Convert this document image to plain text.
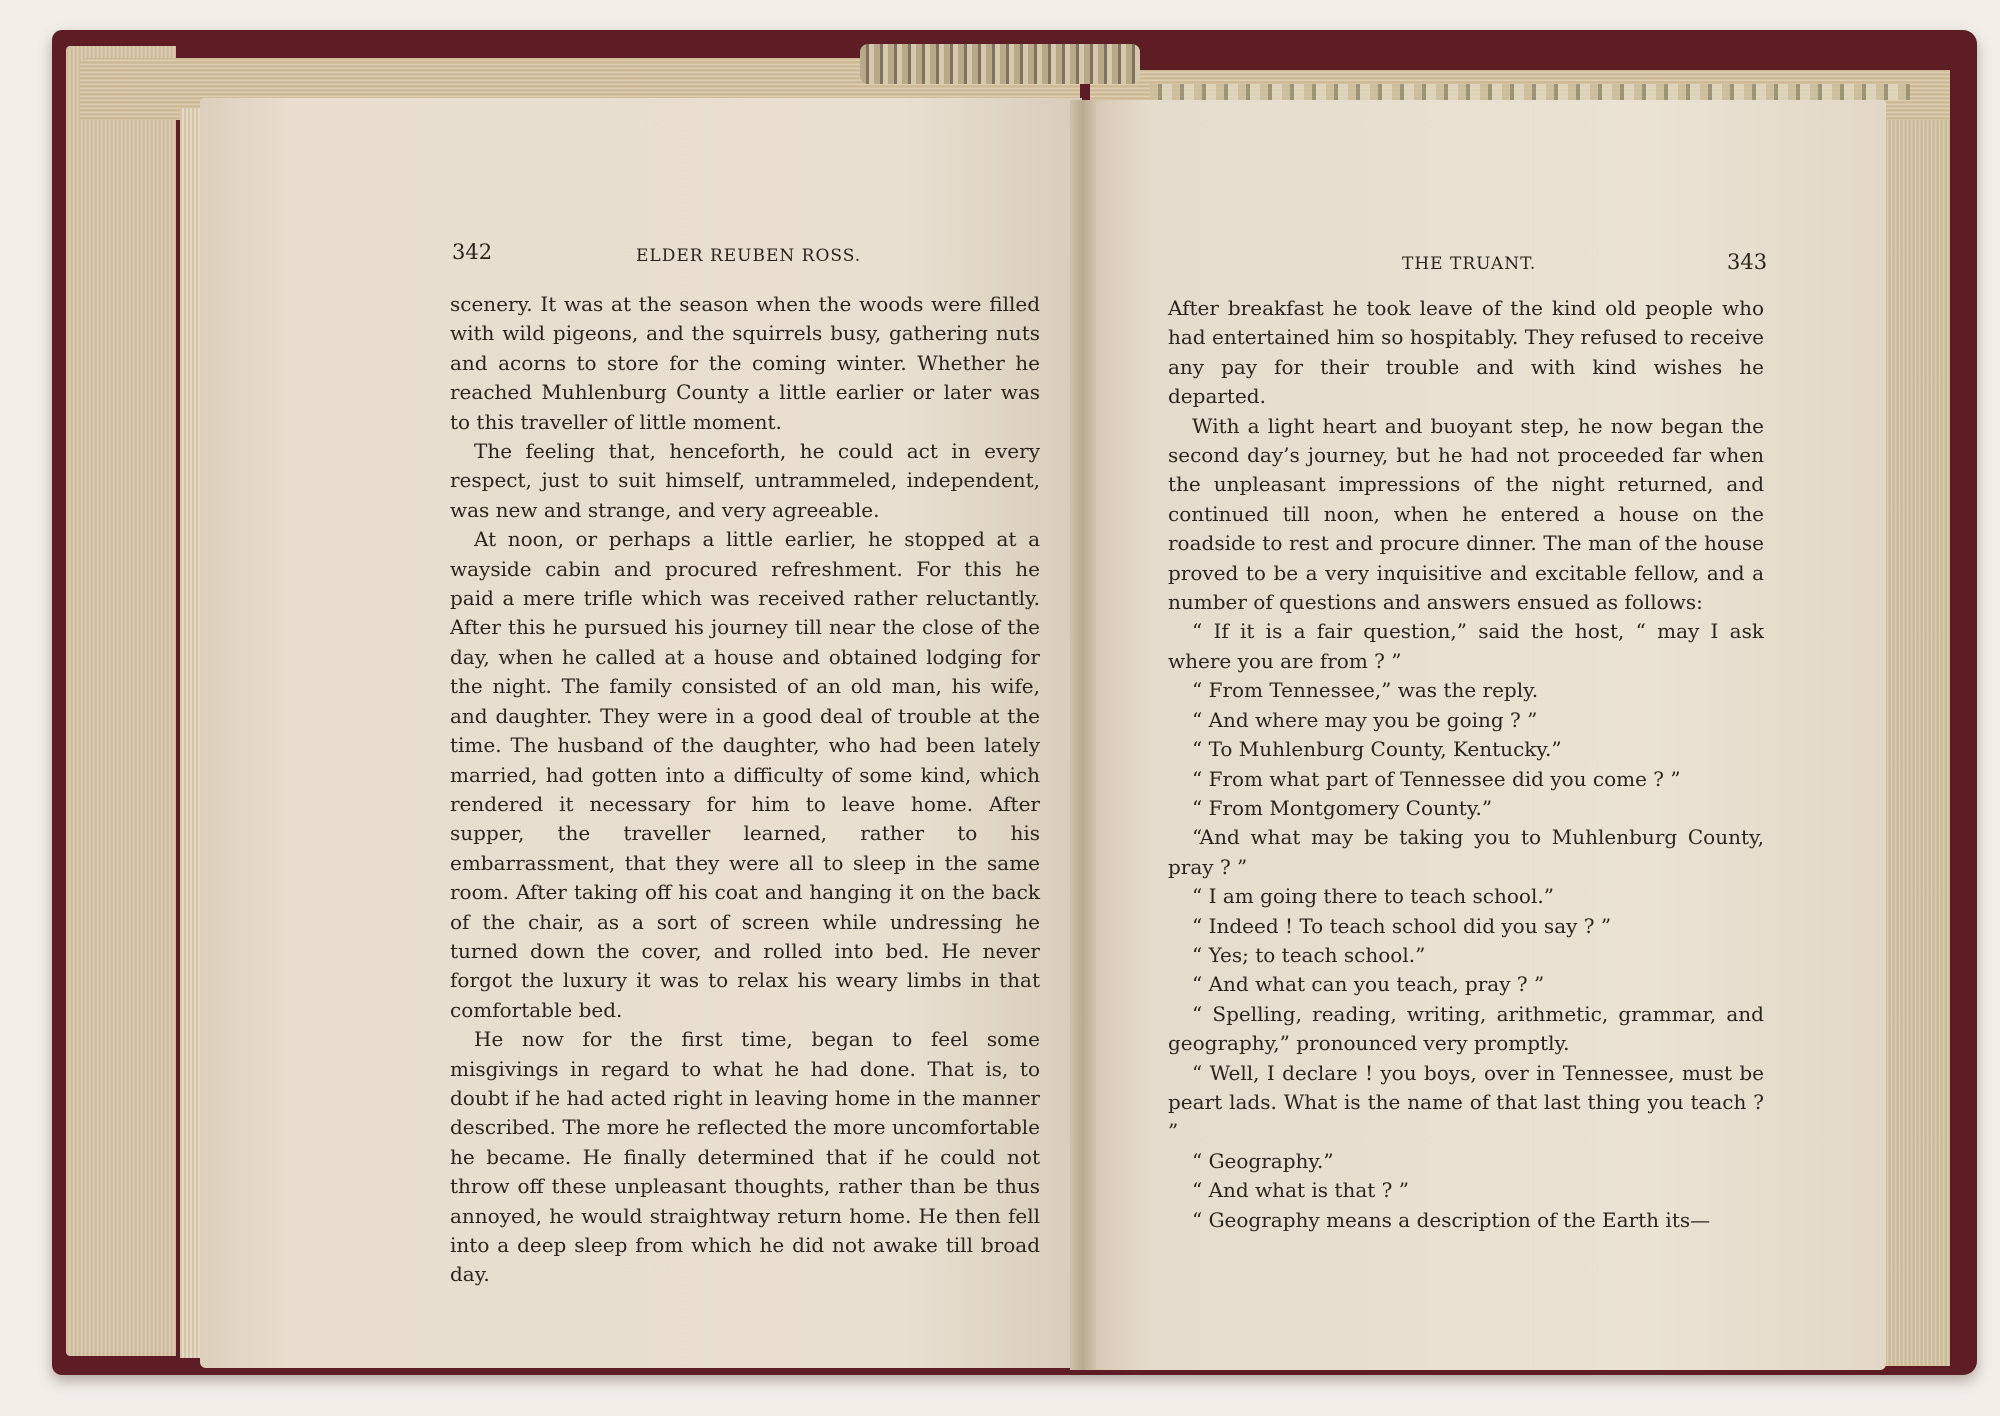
342	ELDER REUBEN ROSS.	THE TRUANT.	343

scenery. It was at the season when the woods were filled with wild pigeons, and the squirrels busy, gathering nuts and acorns to store for the coming winter. Whether he reached Muhlenburg County a little earlier or later was to this traveller of little moment.

The feeling that, henceforth, he could act in every respect, just to suit himself, untrammeled, independent, was new and strange, and very agreeable.

At noon, or perhaps a little earlier, he stopped at a wayside cabin and procured refreshment. For this he paid a mere trifle which was received rather reluctantly. After this he pursued his journey till near the close of the day, when he called at a house and obtained lodging for the night. The family consisted of an old man, his wife, and daughter. They were in a good deal of trouble at the time. The husband of the daughter, who had been lately married, had gotten into a difficulty of some kind, which rendered it necessary for him to leave home. After supper, the traveller learned, rather to his embarrassment, that they were all to sleep in the same room. After taking off his coat and hanging it on the back of the chair, as a sort of screen while undressing he turned down the cover, and rolled into bed. He never forgot the luxury it was to relax his weary limbs in that comfortable bed.

He now for the first time, began to feel some misgivings in regard to what he had done. That is, to doubt if he had acted right in leaving home in the manner described. The more he reflected the more uncomfortable he became. He finally determined that if he could not throw off these unpleasant thoughts, rather than be thus annoyed, he would straightway return home. He then fell into a deep sleep from which he did not awake till broad day.

After breakfast he took leave of the kind old people who had entertained him so hospitably. They refused to receive any pay for their trouble and with kind wishes he departed.

With a light heart and buoyant step, he now began the second day’s journey, but he had not proceeded far when the unpleasant impressions of the night returned, and continued till noon, when he entered a house on the roadside to rest and procure dinner. The man of the house proved to be a very inquisitive and excitable fellow, and a number of questions and answers ensued as follows:

“ If it is a fair question,” said the host, “ may I ask where you are from ? ”

“ From Tennessee,” was the reply.

“ And where may you be going ? ”

“ To Muhlenburg County, Kentucky.”

“ From what part of Tennessee did you come ? ”

“ From Montgomery County.”

“And what may be taking you to Muhlenburg County, pray ? ”

“ I am going there to teach school.”

“ Indeed ! To teach school did you say ? ”

“ Yes; to teach school.”

“ And what can you teach, pray ? ”

“ Spelling, reading, writing, arithmetic, grammar, and geography,” pronounced very promptly.

“ Well, I declare ! you boys, over in Tennessee, must be peart lads. What is the name of that last thing you teach ? ”

“ Geography.”

“ And what is that ? ”

“ Geography means a description of the Earth its—
